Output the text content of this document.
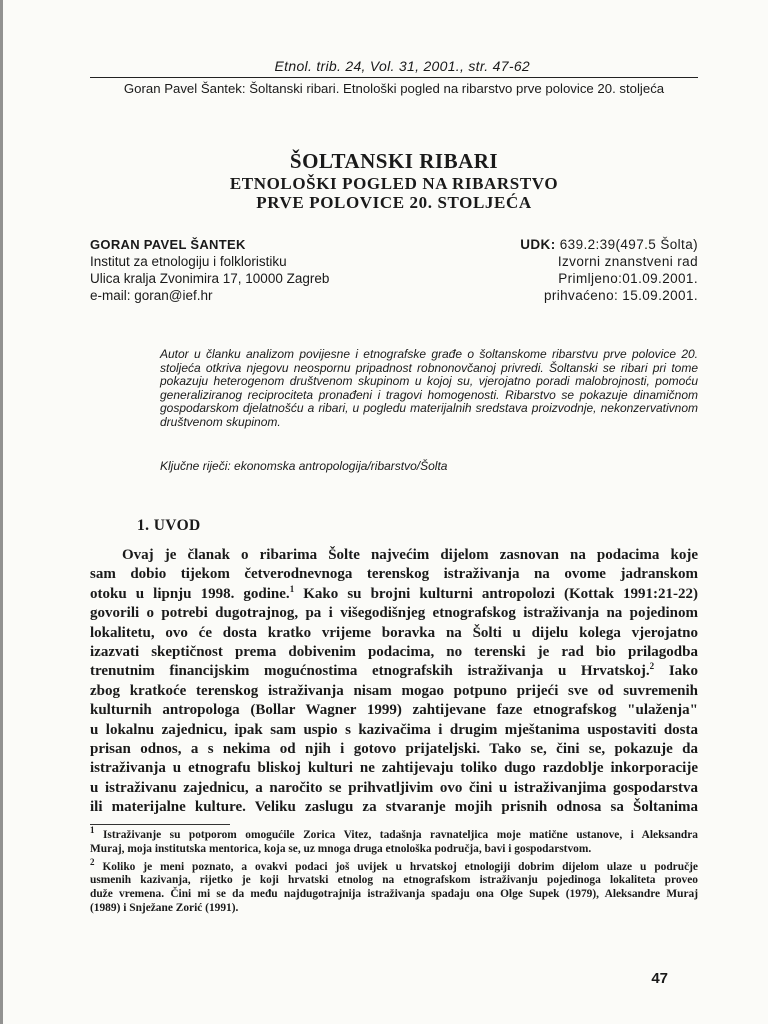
Etnol. trib. 24, Vol. 31, 2001., str. 47-62
Goran Pavel Šantek: Šoltanski ribari. Etnološki pogled na ribarstvo prve polovice 20. stoljeća
ŠOLTANSKI RIBARI
ETNOLOŠKI POGLED NA RIBARSTVO
PRVE POLOVICE 20. STOLJEĆA
GORAN PAVEL ŠANTEK
Institut za etnologiju i folkloristiku
Ulica kralja Zvonimira 17, 10000 Zagreb
e-mail: goran@ief.hr
UDK: 639.2:39(497.5 Šolta)
Izvorni znanstveni rad
Primljeno:01.09.2001.
prihvaćeno: 15.09.2001.
Autor u članku analizom povijesne i etnografske građe o šoltanskome ribarstvu prve polovice 20. stoljeća otkriva njegovu neospornu pripadnost robnonovčanoj privredi. Šoltanski se ribari pri tome pokazuju heterogenom društvenom skupinom u kojoj su, vjerojatno poradi malobrojnosti, pomoću generaliziranog reciprociteta pronađeni i tragovi homogenosti. Ribarstvo se pokazuje dinamičnom gospodarskom djelatnošću a ribari, u pogledu materijalnih sredstava proizvodnje, nekonzervativnom društvenom skupinom.
Ključne riječi: ekonomska antropologija/ribarstvo/Šolta
1. UVOD
Ovaj je članak o ribarima Šolte najvećim dijelom zasnovan na podacima koje
sam dobio tijekom četverodnevnoga terenskog istraživanja na ovome jadranskom
otoku u lipnju 1998. godine.$^1$ Kako su brojni kulturni antropolozi (Kottak 1991:21-22)
govorili o potrebi dugotrajnog, pa i višegodišnjeg etnografskog istraživanja na pojedinom
lokalitetu, ovo će dosta kratko vrijeme boravka na Šolti u dijelu kolega vjerojatno
izazvati skeptičnost prema dobivenim podacima, no terenski je rad bio prilagodba
trenutnim financijskim mogućnostima etnografskih istraživanja u Hrvatskoj.$^2$ Iako
zbog kratkoće terenskog istraživanja nisam mogao potpuno prijeći sve od suvremenih
kulturnih antropologa (Bollar Wagner 1999) zahtijevane faze etnografskog "ulaženja"
u lokalnu zajednicu, ipak sam uspio s kazivačima i drugim mještanima uspostaviti dosta
prisan odnos, a s nekima od njih i gotovo prijateljski. Tako se, čini se, pokazuje da
istraživanja u etnografu bliskoj kulturi ne zahtijevaju toliko dugo razdoblje inkorporacije
u istraživanu zajednicu, a naročito se prihvatljivim ovo čini u istraživanjima gospodarstva
ili materijalne kulture. Veliku zaslugu za stvaranje mojih prisnih odnosa sa Šoltanima
$^1$ Istraživanje su potporom omogućile Zorica Vitez, tadašnja ravnateljica moje matične ustanove, i Aleksandra
Muraj, moja institutska mentorica, koja se, uz mnoga druga etnološka područja, bavi i gospodarstvom.
$^2$ Koliko je meni poznato, a ovakvi podaci još uvijek u hrvatskoj etnologiji dobrim dijelom ulaze u područje
usmenih kazivanja, rijetko je koji hrvatski etnolog na etnografskom istraživanju pojedinoga lokaliteta proveo
duže vremena. Čini mi se da među najdugotrajnija istraživanja spadaju ona Olge Supek (1979), Aleksandre Muraj
(1989) i Snježane Zorić (1991).
47
